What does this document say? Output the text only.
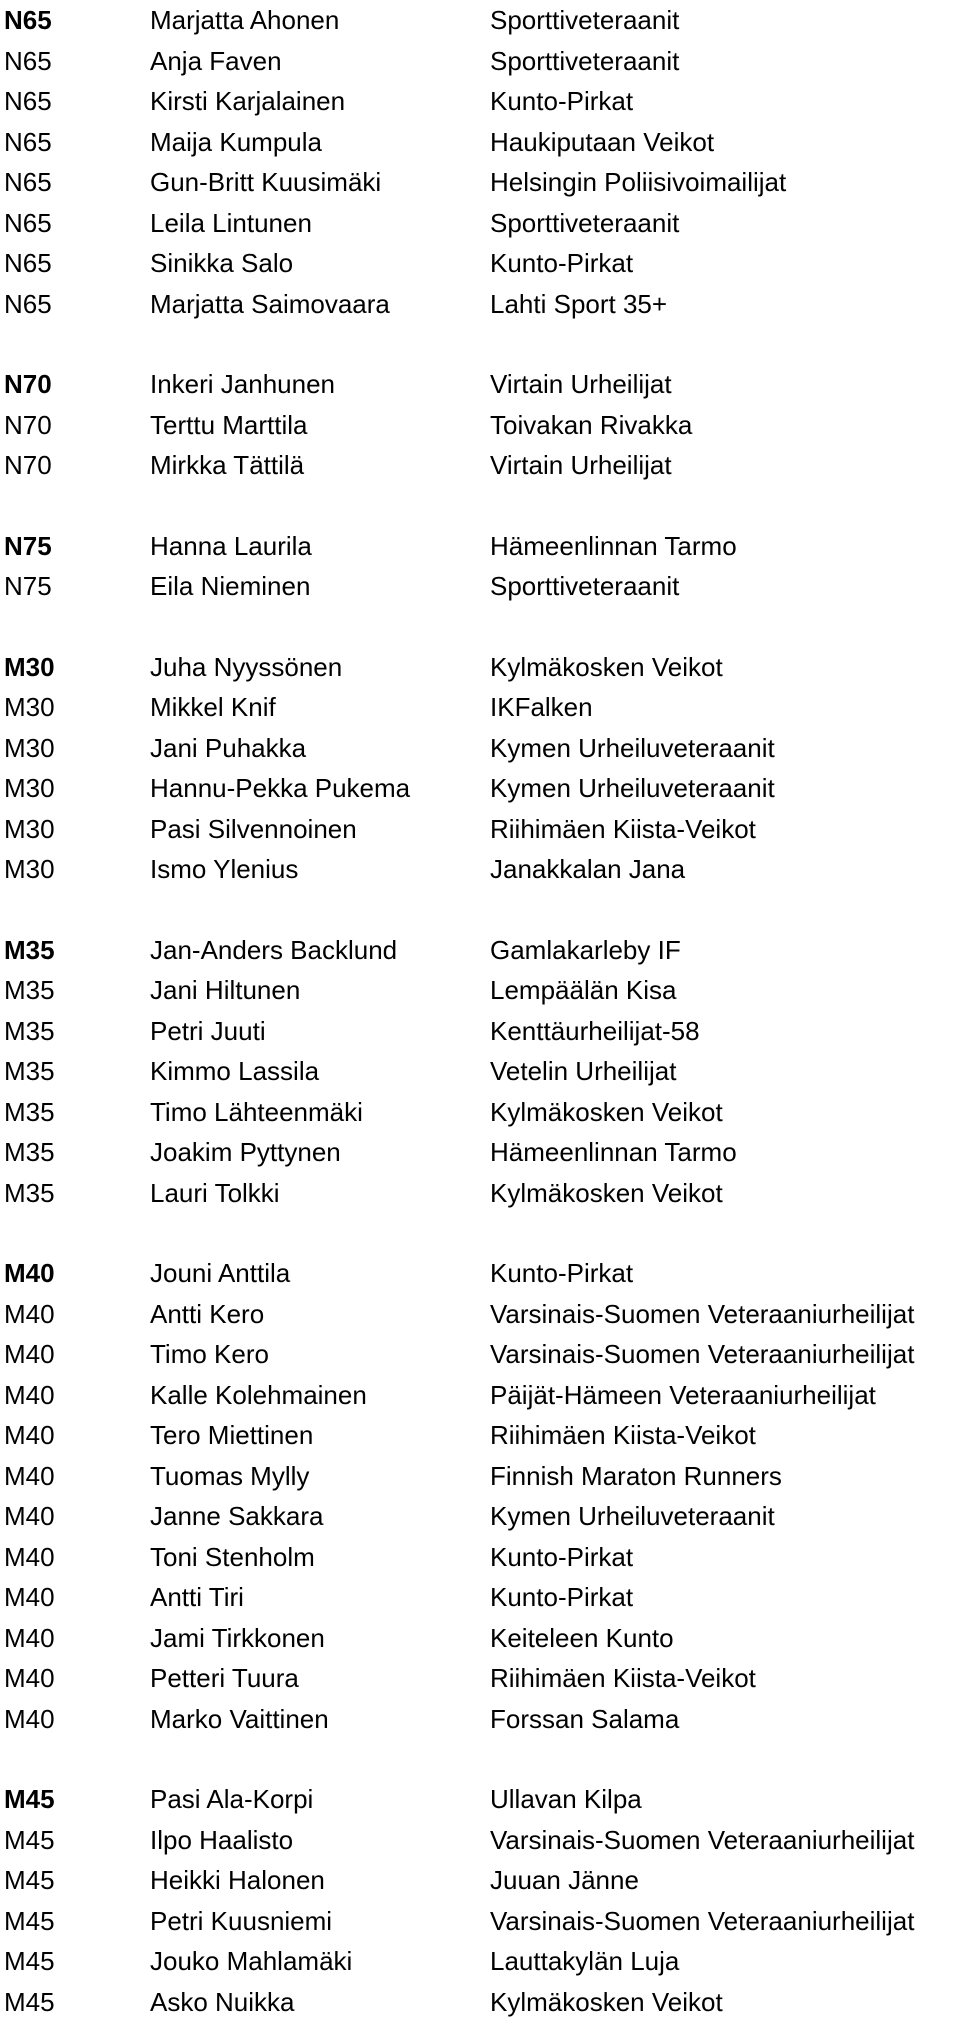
N65	Marjatta Ahonen	Sporttiveteraanit
N65	Anja Faven	Sporttiveteraanit
N65	Kirsti Karjalainen	Kunto-Pirkat
N65	Maija Kumpula	Haukiputaan Veikot
N65	Gun-Britt Kuusimäki	Helsingin Poliisivoimailijat
N65	Leila Lintunen	Sporttiveteraanit
N65	Sinikka Salo	Kunto-Pirkat
N65	Marjatta Saimovaara	Lahti Sport 35+
N70	Inkeri Janhunen	Virtain Urheilijat
N70	Terttu Marttila	Toivakan Rivakka
N70	Mirkka Tättilä	Virtain Urheilijat
N75	Hanna Laurila	Hämeenlinnan Tarmo
N75	Eila Nieminen	Sporttiveteraanit
M30	Juha Nyyssönen	Kylmäkosken Veikot
M30	Mikkel Knif	IKFalken
M30	Jani Puhakka	Kymen Urheiluveteraanit
M30	Hannu-Pekka Pukema	Kymen Urheiluveteraanit
M30	Pasi Silvennoinen	Riihimäen Kiista-Veikot
M30	Ismo Ylenius	Janakkalan Jana
M35	Jan-Anders Backlund	Gamlakarleby IF
M35	Jani Hiltunen	Lempäälän Kisa
M35	Petri Juuti	Kenttäurheilijat-58
M35	Kimmo Lassila	Vetelin Urheilijat
M35	Timo Lähteenmäki	Kylmäkosken Veikot
M35	Joakim Pyttynen	Hämeenlinnan Tarmo
M35	Lauri Tolkki	Kylmäkosken Veikot
M40	Jouni Anttila	Kunto-Pirkat
M40	Antti Kero	Varsinais-Suomen Veteraaniurheilijat
M40	Timo Kero	Varsinais-Suomen Veteraaniurheilijat
M40	Kalle Kolehmainen	Päijät-Hämeen Veteraaniurheilijat
M40	Tero Miettinen	Riihimäen Kiista-Veikot
M40	Tuomas Mylly	Finnish Maraton Runners
M40	Janne Sakkara	Kymen Urheiluveteraanit
M40	Toni Stenholm	Kunto-Pirkat
M40	Antti Tiri	Kunto-Pirkat
M40	Jami Tirkkonen	Keiteleen Kunto
M40	Petteri Tuura	Riihimäen Kiista-Veikot
M40	Marko Vaittinen	Forssan Salama
M45	Pasi Ala-Korpi	Ullavan Kilpa
M45	Ilpo Haalisto	Varsinais-Suomen Veteraaniurheilijat
M45	Heikki Halonen	Juuan Jänne
M45	Petri Kuusniemi	Varsinais-Suomen Veteraaniurheilijat
M45	Jouko Mahlamäki	Lauttakylän Luja
M45	Asko Nuikka	Kylmäkosken Veikot
